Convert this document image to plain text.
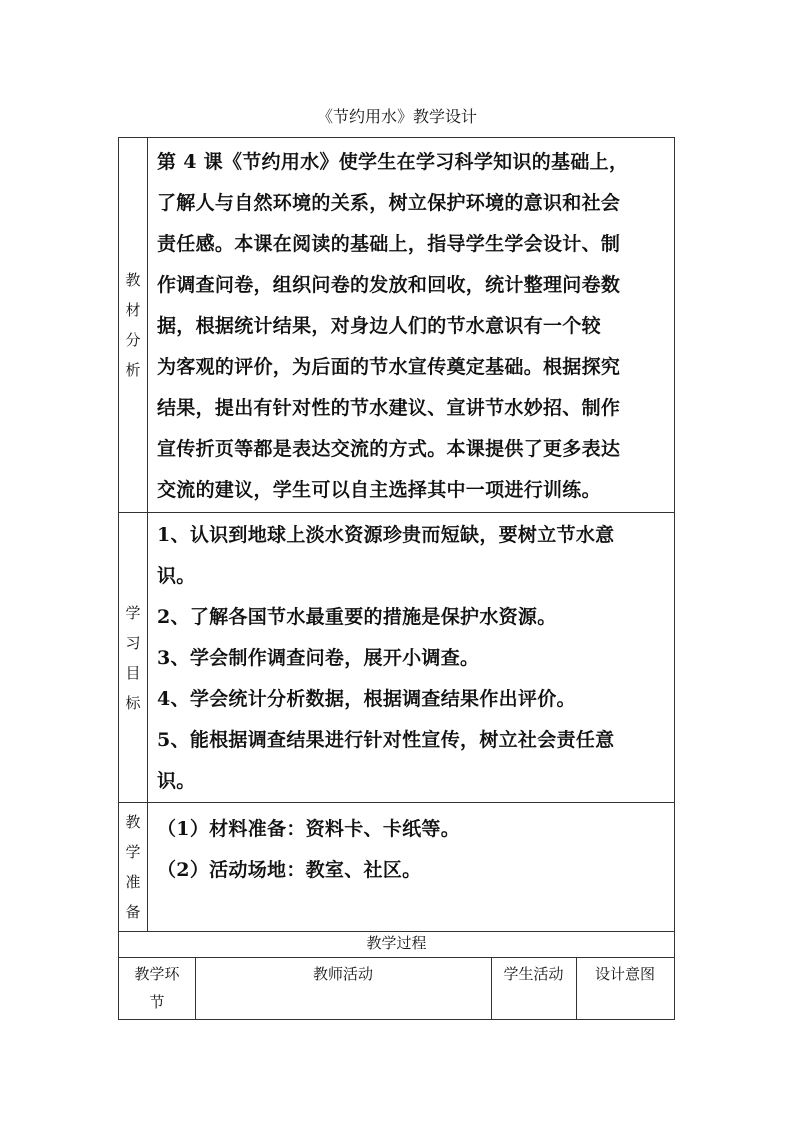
《节约用水》教学设计
教
材
分
析

第 4 课《节约用水》使学生在学习科学知识的基础上，

了解人与自然环境的关系，树立保护环境的意识和社会

责任感。本课在阅读的基础上，指导学生学会设计、制

作调查问卷，组织问卷的发放和回收，统计整理问卷数

据，根据统计结果，对身边人们的节水意识有一个较

为客观的评价，为后面的节水宣传奠定基础。根据探究

结果，提出有针对性的节水建议、宣讲节水妙招、制作

宣传折页等都是表达交流的方式。本课提供了更多表达

交流的建议，学生可以自主选择其中一项进行训练。

学
习
目
标

1、认识到地球上淡水资源珍贵而短缺，要树立节水意

识。

2、了解各国节水最重要的措施是保护水资源。

3、学会制作调查问卷，展开小调查。

4、学会统计分析数据，根据调查结果作出评价。

5、能根据调查结果进行针对性宣传，树立社会责任意

识。

教
学
准
备

（1）材料准备：资料卡、卡纸等。

（2）活动场地：教室、社区。

教学过程
教学环
节
教师活动	学生活动	设计意图
